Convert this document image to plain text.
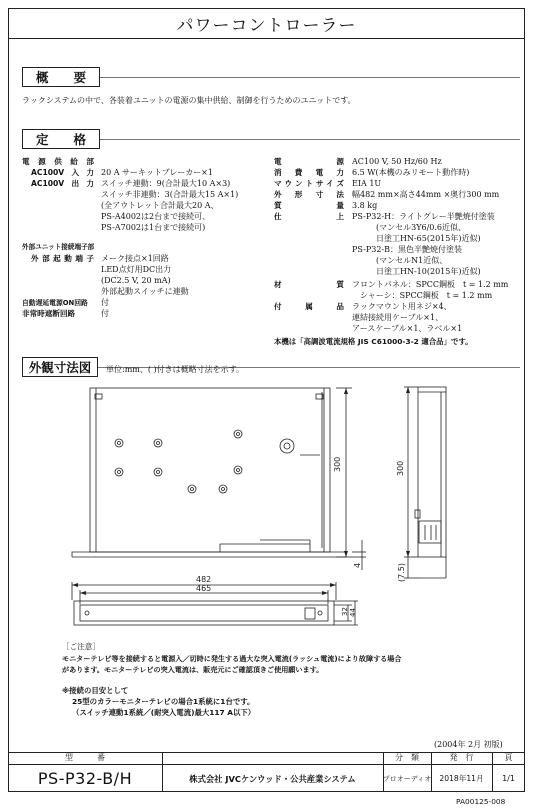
パワーコントローラー
概　　要
ラックシステムの中で、各装着ユニットの電源の集中供給、制御を行うためのユニットです。
定　　格
電源供給部
AC100V入力 20 A サーキットブレーカー×1
AC100V出力 スイッチ連動：9(合計最大10 A×3)
スイッチ非連動：3(合計最大15 A×1)
(全アウトレット合計最大20 A、
PS-A4002は2台まで接続可、
PS-A7002は1台まで接続可)
外部ユニット接続端子部
外部起動端子 メーク接点×1回路
LED点灯用DC出力
(DC2.5 V, 20 mA)
外部起動スイッチに連動
自動遅延電源ON回路 付
非常時遮断回路	付
電源 AC100 V, 50 Hz/60 Hz
消費電力 6.5 W(本機のみリモート動作時)
マウントサイズ EIA 1U
外形寸法 幅482 mm×高さ44mm ×奥行300 mm
質量 3.8 kg
仕上 PS-P32-H：ライトグレー半艶焼付塗装
(マンセル3Y6/0.6近似、
日塗工HN-65(2015年)近似)
PS-P32-B：黒色半艶焼付塗装
(マンセルN1近似、
日塗工HN-10(2015年)近似)
材質 フロントパネル：SPCC鋼板　t = 1.2 mm
シャーシ：SPCC鋼板　t = 1.2 mm
付属品 ラックマウント用ネジ×4、
連結接続用ケーブル×1、
アースケーブル×1、ラベル×1
本機は「高調波電流規格 JIS C61000-3-2 適合品」です。
外観寸法図	単位:mm、( )付きは概略寸法を示す。
300	300
4	(7.5)
482
465
32 44
［ご注意］
モニターテレビ等を接続すると電源入／切時に発生する過大な突入電流(ラッシュ電流)により故障する場合
があります。モニターテレビの突入電流は、販売元にご確認頂きご使用願います。
※接続の目安として
25型のカラーモニターテレビの場合1系統に1台です。
（スイッチ連動1系統／(耐突入電流)最大117 A以下）
(2004年 2月 初版)
型　　　番
PS-P32-B/H	株式会社 JVCケンウッド・公共産業システム
分　類
プロオーディオ
発　行
2018年11月
頁
1/1
PA00125-008
